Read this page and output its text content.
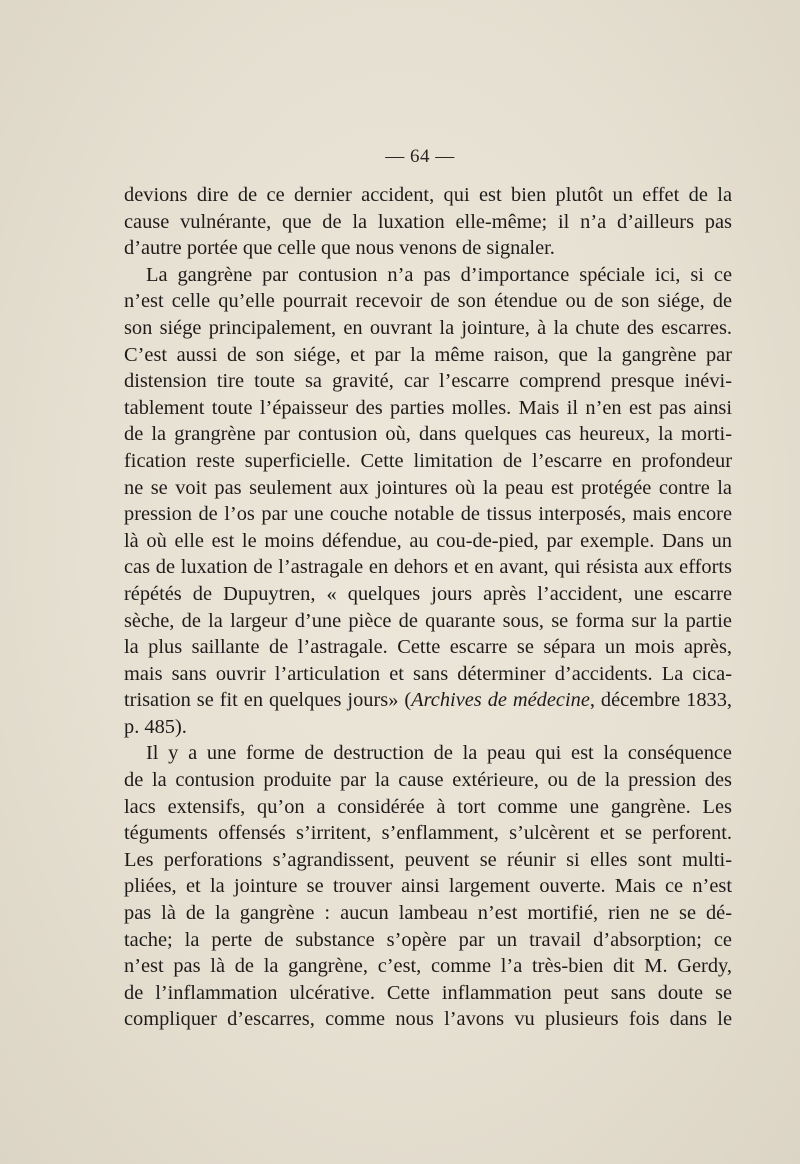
— 64 —
devions dire de ce dernier accident, qui est bien plutôt un effet de la
cause vulnérante, que de la luxation elle-même; il n’a d’ailleurs pas
d’autre portée que celle que nous venons de signaler.
La gangrène par contusion n’a pas d’importance spéciale ici, si ce
n’est celle qu’elle pourrait recevoir de son étendue ou de son siége, de
son siége principalement, en ouvrant la jointure, à la chute des escarres.
C’est aussi de son siége, et par la même raison, que la gangrène par
distension tire toute sa gravité, car l’escarre comprend presque inévi-
tablement toute l’épaisseur des parties molles. Mais il n’en est pas ainsi
de la grangrène par contusion où, dans quelques cas heureux, la morti-
fication reste superficielle. Cette limitation de l’escarre en profondeur
ne se voit pas seulement aux jointures où la peau est protégée contre la
pression de l’os par une couche notable de tissus interposés, mais encore
là où elle est le moins défendue, au cou-de-pied, par exemple. Dans un
cas de luxation de l’astragale en dehors et en avant, qui résista aux efforts
répétés de Dupuytren, « quelques jours après l’accident, une escarre
sèche, de la largeur d’une pièce de quarante sous, se forma sur la partie
la plus saillante de l’astragale. Cette escarre se sépara un mois après,
mais sans ouvrir l’articulation et sans déterminer d’accidents. La cica-
trisation se fit en quelques jours» (Archives de médecine, décembre 1833,
p. 485).
Il y a une forme de destruction de la peau qui est la conséquence
de la contusion produite par la cause extérieure, ou de la pression des
lacs extensifs, qu’on a considérée à tort comme une gangrène. Les
téguments offensés s’irritent, s’enflamment, s’ulcèrent et se perforent.
Les perforations s’agrandissent, peuvent se réunir si elles sont multi-
pliées, et la jointure se trouver ainsi largement ouverte. Mais ce n’est
pas là de la gangrène : aucun lambeau n’est mortifié, rien ne se dé-
tache; la perte de substance s’opère par un travail d’absorption; ce
n’est pas là de la gangrène, c’est, comme l’a très-bien dit M. Gerdy,
de l’inflammation ulcérative. Cette inflammation peut sans doute se
compliquer d’escarres, comme nous l’avons vu plusieurs fois dans le
